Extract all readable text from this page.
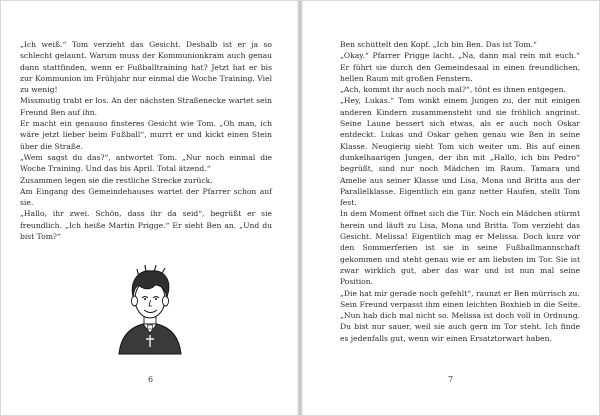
„Ich weiß.“ Tom verzieht das Gesicht. Deshalb ist er ja so schlecht gelaunt. Warum muss der Kommunionkram auch genau dann stattfinden, wenn er Fußballtraining hat? Jetzt hat er bis zur Kommunion im Frühjahr nur einmal die Woche Training. Viel zu wenig!

Missmutig trabt er los. An der nächsten Straßenecke wartet sein Freund Ben auf ihn.

Er macht ein genauso finsteres Gesicht wie Tom. „Oh man, ich wäre jetzt lieber beim Fußball“, murrt er und kickt einen Stein über die Straße.

„Wem sagst du das?“, antwortet Tom. „Nur noch einmal die Woche Training. Und das bis April. Total ätzend.“

Zusammen legen sie die restliche Strecke zurück.

Am Eingang des Gemeindehauses wartet der Pfarrer schon auf sie.

„Hallo, ihr zwei. Schön, dass ihr da seid“, begrüßt er sie freundlich. „Ich heiße Martin Prigge.“ Er sieht Ben an. „Und du bist Tom?“

6

Ben schüttelt den Kopf. „Ich bin Ben. Das ist Tom.“

„Okay.“ Pfarrer Prigge lacht. „Na, dann mal rein mit euch.“ Er führt sie durch den Gemeindesaal in einen freundlichen, hellen Raum mit großen Fenstern.

„Ach, kommt ihr auch noch mal?“, tönt es ihnen entgegen.

„Hey, Lukas.“ Tom winkt einem Jungen zu, der mit einigen anderen Kindern zusammensteht und sie fröhlich angrinst. Seine Laune bessert sich etwas, als er auch noch Oskar entdeckt. Lukas und Oskar gehen genau wie Ben in seine Klasse. Neugierig sieht Tom sich weiter um. Bis auf einen dunkelhaarigen Jungen, der ihn mit „Hallo, ich bin Pedro“ begrüßt, sind nur noch Mädchen im Raum. Tamara und Amelie aus seiner Klasse und Lisa, Mona und Britta aus der Parallelklasse. Eigentlich ein ganz netter Haufen, stellt Tom fest.

In dem Moment öffnet sich die Tür. Noch ein Mädchen stürmt herein und läuft zu Lisa, Mona und Britta. Tom verzieht das Gesicht. Melissa! Eigentlich mag er Melissa. Doch kurz vor den Sommerferien ist sie in seine Fußballmannschaft gekommen und steht genau wie er am liebsten im Tor. Sie ist zwar wirklich gut, aber das war und ist nun mal seine Position.

„Die hat mir gerade noch gefehlt“, raunzt er Ben mürrisch zu.

Sein Freund verpasst ihm einen leichten Boxhieb in die Seite. „Nun hab dich mal nicht so. Melissa ist doch voll in Ordnung. Du bist nur sauer, weil sie auch gern im Tor steht. Ich finde es jedenfalls gut, wenn wir einen Ersatztorwart haben.

7
